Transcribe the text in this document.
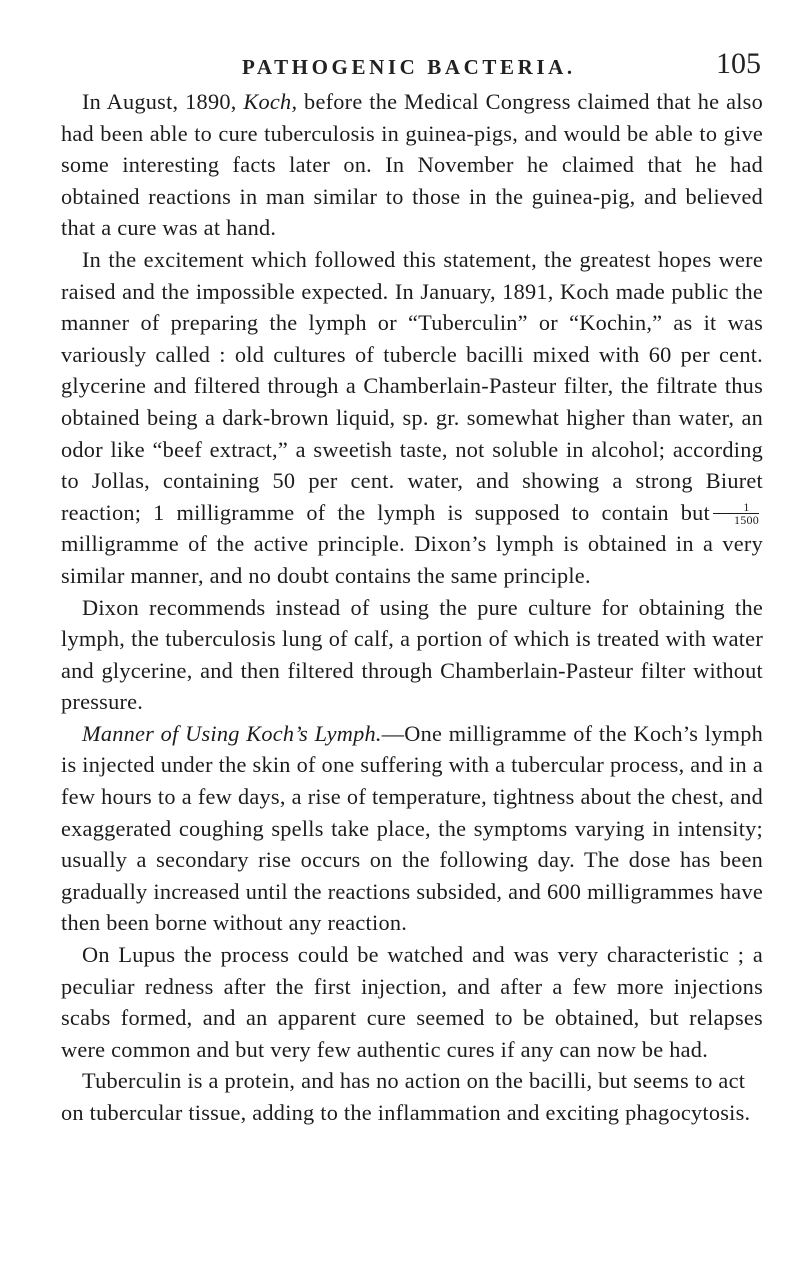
PATHOGENIC BACTERIA.	105

In August, 1890, Koch, before the Medical Congress claimed that he also had been able to cure tuberculosis in guinea-pigs, and would be able to give some interesting facts later on. In November he claimed that he had obtained reactions in man similar to those in the guinea-pig, and believed that a cure was at hand.

In the excitement which followed this statement, the greatest hopes were raised and the impossible expected. In January, 1891, Koch made public the manner of preparing the lymph or “Tuberculin” or “Kochin,” as it was variously called : old cultures of tubercle bacilli mixed with 60 per cent. glycerine and filtered through a Chamberlain-Pasteur filter, the filtrate thus obtained being a dark-brown liquid, sp. gr. somewhat higher than water, an odor like “beef extract,” a sweetish taste, not soluble in alcohol; according to Jollas, containing 50 per cent. water, and showing a strong Biuret reaction; 1 milligramme of the lymph is supposed to contain but $\frac{1}{1500}$
milligramme of the active principle. Dixon’s lymph is obtained in a very similar manner, and no doubt contains the same principle.

Dixon recommends instead of using the pure culture for obtaining the lymph, the tuberculosis lung of calf, a portion of which is treated with water and glycerine, and then filtered through Chamberlain-Pasteur filter without pressure.

Manner of Using Koch’s Lymph.—One milligramme of the Koch’s lymph is injected under the skin of one suffering with a tubercular process, and in a few hours to a few days, a rise of temperature, tightness about the chest, and exaggerated coughing spells take place, the symptoms varying in intensity; usually a secondary rise occurs on the following day. The dose has been gradually increased until the reactions subsided, and 600 milligrammes have then been borne without any reaction.

On Lupus the process could be watched and was very characteristic ; a peculiar redness after the first injection, and after a few more injections scabs formed, and an apparent cure seemed to be obtained, but relapses were common and but very few authentic cures if any can now be had.

Tuberculin is a protein, and has no action on the bacilli, but seems to act on tubercular tissue, adding to the inflammation and exciting phagocytosis.
